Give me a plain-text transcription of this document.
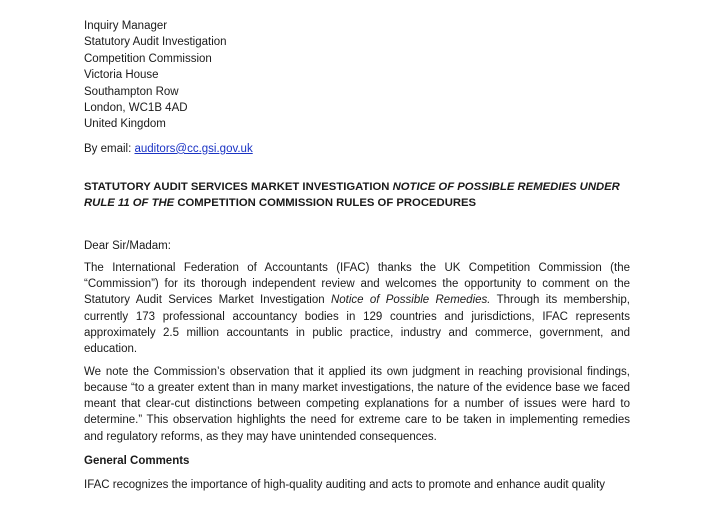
Inquiry Manager
Statutory Audit Investigation
Competition Commission
Victoria House
Southampton Row
London, WC1B 4AD
United Kingdom
By email: auditors@cc.gsi.gov.uk
STATUTORY AUDIT SERVICES MARKET INVESTIGATION NOTICE OF POSSIBLE REMEDIES UNDER RULE 11 OF THE COMPETITION COMMISSION RULES OF PROCEDURES
Dear Sir/Madam:
The International Federation of Accountants (IFAC) thanks the UK Competition Commission (the “Commission”) for its thorough independent review and welcomes the opportunity to comment on the Statutory Audit Services Market Investigation Notice of Possible Remedies. Through its membership, currently 173 professional accountancy bodies in 129 countries and jurisdictions, IFAC represents approximately 2.5 million accountants in public practice, industry and commerce, government, and education.
We note the Commission’s observation that it applied its own judgment in reaching provisional findings, because “to a greater extent than in many market investigations, the nature of the evidence base we faced meant that clear-cut distinctions between competing explanations for a number of issues were hard to determine.” This observation highlights the need for extreme care to be taken in implementing remedies and regulatory reforms, as they may have unintended consequences.
General Comments
IFAC recognizes the importance of high-quality auditing and acts to promote and enhance audit quality
